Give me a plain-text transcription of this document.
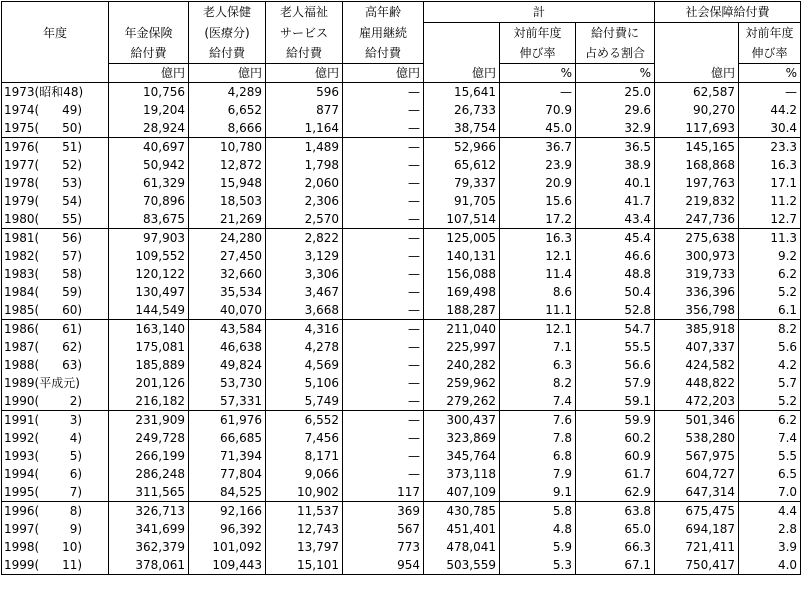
年度		老人保健	老人福祉	高年齢	計			社会保障給付費	
	年金保険	(医療分)	サービス	雇用継続		対前年度	給付費に		対前年度
	給付費	給付費	給付費	給付費		伸び率	占める割合		伸び率
	億円	億円	億円	億円	億円	%	%	億円	%
1973(昭和48)	10,756	4,289	596	—	15,641	—	25.0	62,587	—
1974(      49)	19,204	6,652	877	—	26,733	70.9	29.6	90,270	44.2
1975(      50)	28,924	8,666	1,164	—	38,754	45.0	32.9	117,693	30.4
1976(      51)	40,697	10,780	1,489	—	52,966	36.7	36.5	145,165	23.3
1977(      52)	50,942	12,872	1,798	—	65,612	23.9	38.9	168,868	16.3
1978(      53)	61,329	15,948	2,060	—	79,337	20.9	40.1	197,763	17.1
1979(      54)	70,896	18,503	2,306	—	91,705	15.6	41.7	219,832	11.2
1980(      55)	83,675	21,269	2,570	—	107,514	17.2	43.4	247,736	12.7
1981(      56)	97,903	24,280	2,822	—	125,005	16.3	45.4	275,638	11.3
1982(      57)	109,552	27,450	3,129	—	140,131	12.1	46.6	300,973	9.2
1983(      58)	120,122	32,660	3,306	—	156,088	11.4	48.8	319,733	6.2
1984(      59)	130,497	35,534	3,467	—	169,498	8.6	50.4	336,396	5.2
1985(      60)	144,549	40,070	3,668	—	188,287	11.1	52.8	356,798	6.1
1986(      61)	163,140	43,584	4,316	—	211,040	12.1	54.7	385,918	8.2
1987(      62)	175,081	46,638	4,278	—	225,997	7.1	55.5	407,337	5.6
1988(      63)	185,889	49,824	4,569	—	240,282	6.3	56.6	424,582	4.2
1989(平成元)	201,126	53,730	5,106	—	259,962	8.2	57.9	448,822	5.7
1990(        2)	216,182	57,331	5,749	—	279,262	7.4	59.1	472,203	5.2
1991(        3)	231,909	61,976	6,552	—	300,437	7.6	59.9	501,346	6.2
1992(        4)	249,728	66,685	7,456	—	323,869	7.8	60.2	538,280	7.4
1993(        5)	266,199	71,394	8,171	—	345,764	6.8	60.9	567,975	5.5
1994(        6)	286,248	77,804	9,066	—	373,118	7.9	61.7	604,727	6.5
1995(        7)	311,565	84,525	10,902	117	407,109	9.1	62.9	647,314	7.0
1996(        8)	326,713	92,166	11,537	369	430,785	5.8	63.8	675,475	4.4
1997(        9)	341,699	96,392	12,743	567	451,401	4.8	65.0	694,187	2.8
1998(      10)	362,379	101,092	13,797	773	478,041	5.9	66.3	721,411	3.9
1999(      11)	378,061	109,443	15,101	954	503,559	5.3	67.1	750,417	4.0
